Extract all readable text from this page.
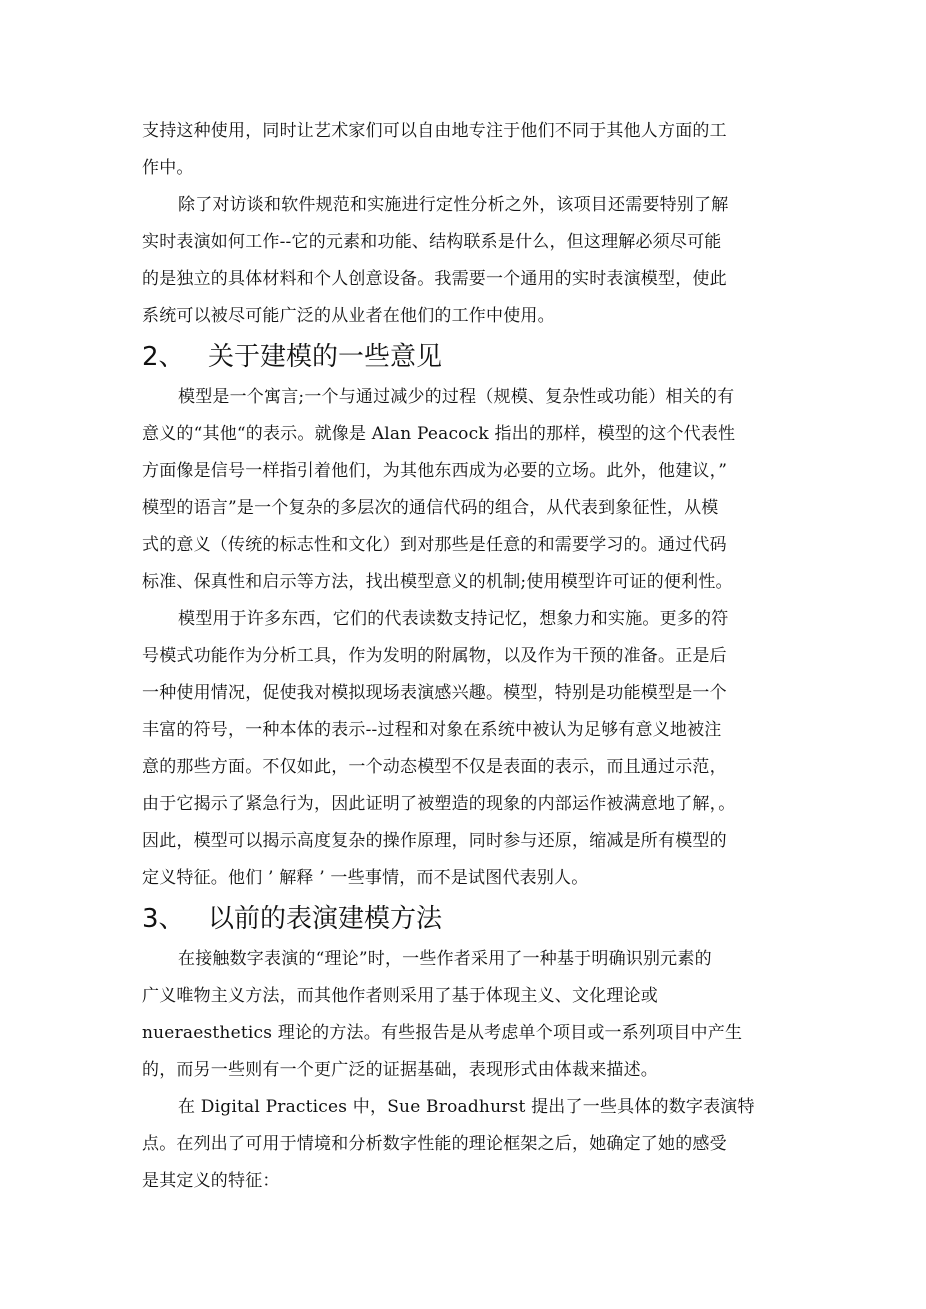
支持这种使用，同时让艺术家们可以自由地专注于他们不同于其他人方面的工
作中。
除了对访谈和软件规范和实施进行定性分析之外，该项目还需要特别了解
实时表演如何工作--它的元素和功能、结构联系是什么，但这理解必须尽可能
的是独立的具体材料和个人创意设备。我需要一个通用的实时表演模型，使此
系统可以被尽可能广泛的从业者在他们的工作中使用。
2、 关于建模的一些意见
模型是一个寓言;一个与通过减少的过程（规模、复杂性或功能）相关的有
意义的“其他“的表示。就像是 Alan Peacock 指出的那样，模型的这个代表性
方面像是信号一样指引着他们，为其他东西成为必要的立场。此外，他建议，”
模型的语言”是一个复杂的多层次的通信代码的组合，从代表到象征性，从模
式的意义（传统的标志性和文化）到对那些是任意的和需要学习的。通过代码
标准、保真性和启示等方法，找出模型意义的机制;使用模型许可证的便利性。
模型用于许多东西，它们的代表读数支持记忆，想象力和实施。更多的符
号模式功能作为分析工具，作为发明的附属物，以及作为干预的准备。正是后
一种使用情况，促使我对模拟现场表演感兴趣。模型，特别是功能模型是一个
丰富的符号，一种本体的表示--过程和对象在系统中被认为足够有意义地被注
意的那些方面。不仅如此，一个动态模型不仅是表面的表示，而且通过示范，
由于它揭示了紧急行为，因此证明了被塑造的现象的内部运作被满意地了解，。
因此，模型可以揭示高度复杂的操作原理，同时参与还原，缩减是所有模型的
定义特征。他们 ’ 解释 ’ 一些事情，而不是试图代表别人。
3、 以前的表演建模方法
在接触数字表演的“理论”时，一些作者采用了一种基于明确识别元素的
广义唯物主义方法，而其他作者则采用了基于体现主义、文化理论或
nueraesthetics 理论的方法。有些报告是从考虑单个项目或一系列项目中产生
的，而另一些则有一个更广泛的证据基础，表现形式由体裁来描述。
在 Digital Practices 中，Sue Broadhurst 提出了一些具体的数字表演特
点。在列出了可用于情境和分析数字性能的理论框架之后，她确定了她的感受
是其定义的特征：
